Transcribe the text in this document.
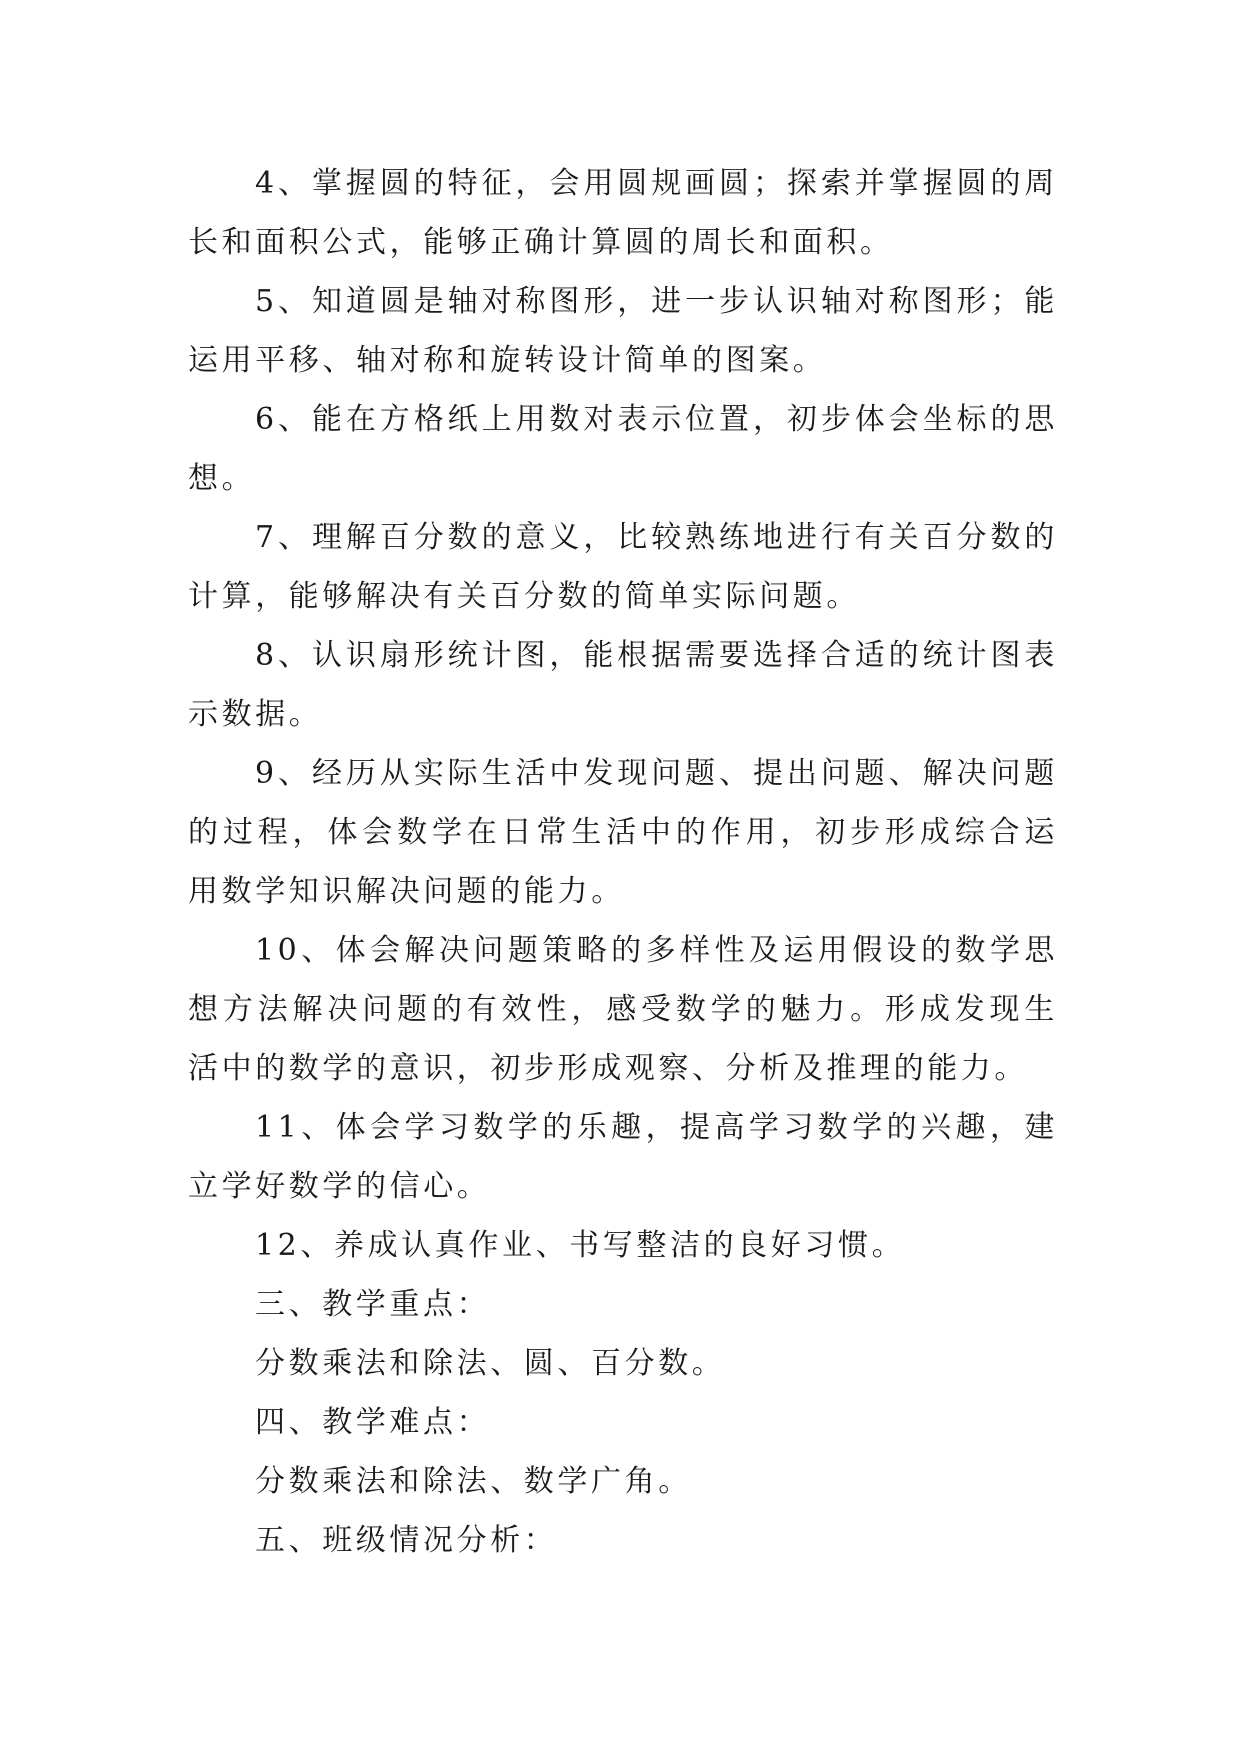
4、掌握圆的特征，会用圆规画圆；探索并掌握圆的周长和面积公式，能够正确计算圆的周长和面积。

5、知道圆是轴对称图形，进一步认识轴对称图形；能运用平移、轴对称和旋转设计简单的图案。

6、能在方格纸上用数对表示位置，初步体会坐标的思想。

7、理解百分数的意义，比较熟练地进行有关百分数的计算，能够解决有关百分数的简单实际问题。

8、认识扇形统计图，能根据需要选择合适的统计图表示数据。

9、经历从实际生活中发现问题、提出问题、解决问题的过程，体会数学在日常生活中的作用，初步形成综合运用数学知识解决问题的能力。

10、体会解决问题策略的多样性及运用假设的数学思想方法解决问题的有效性，感受数学的魅力。形成发现生活中的数学的意识，初步形成观察、分析及推理的能力。

11、体会学习数学的乐趣，提高学习数学的兴趣，建立学好数学的信心。

12、养成认真作业、书写整洁的良好习惯。

三、教学重点：

分数乘法和除法、圆、百分数。

四、教学难点：

分数乘法和除法、数学广角。

五、班级情况分析：
